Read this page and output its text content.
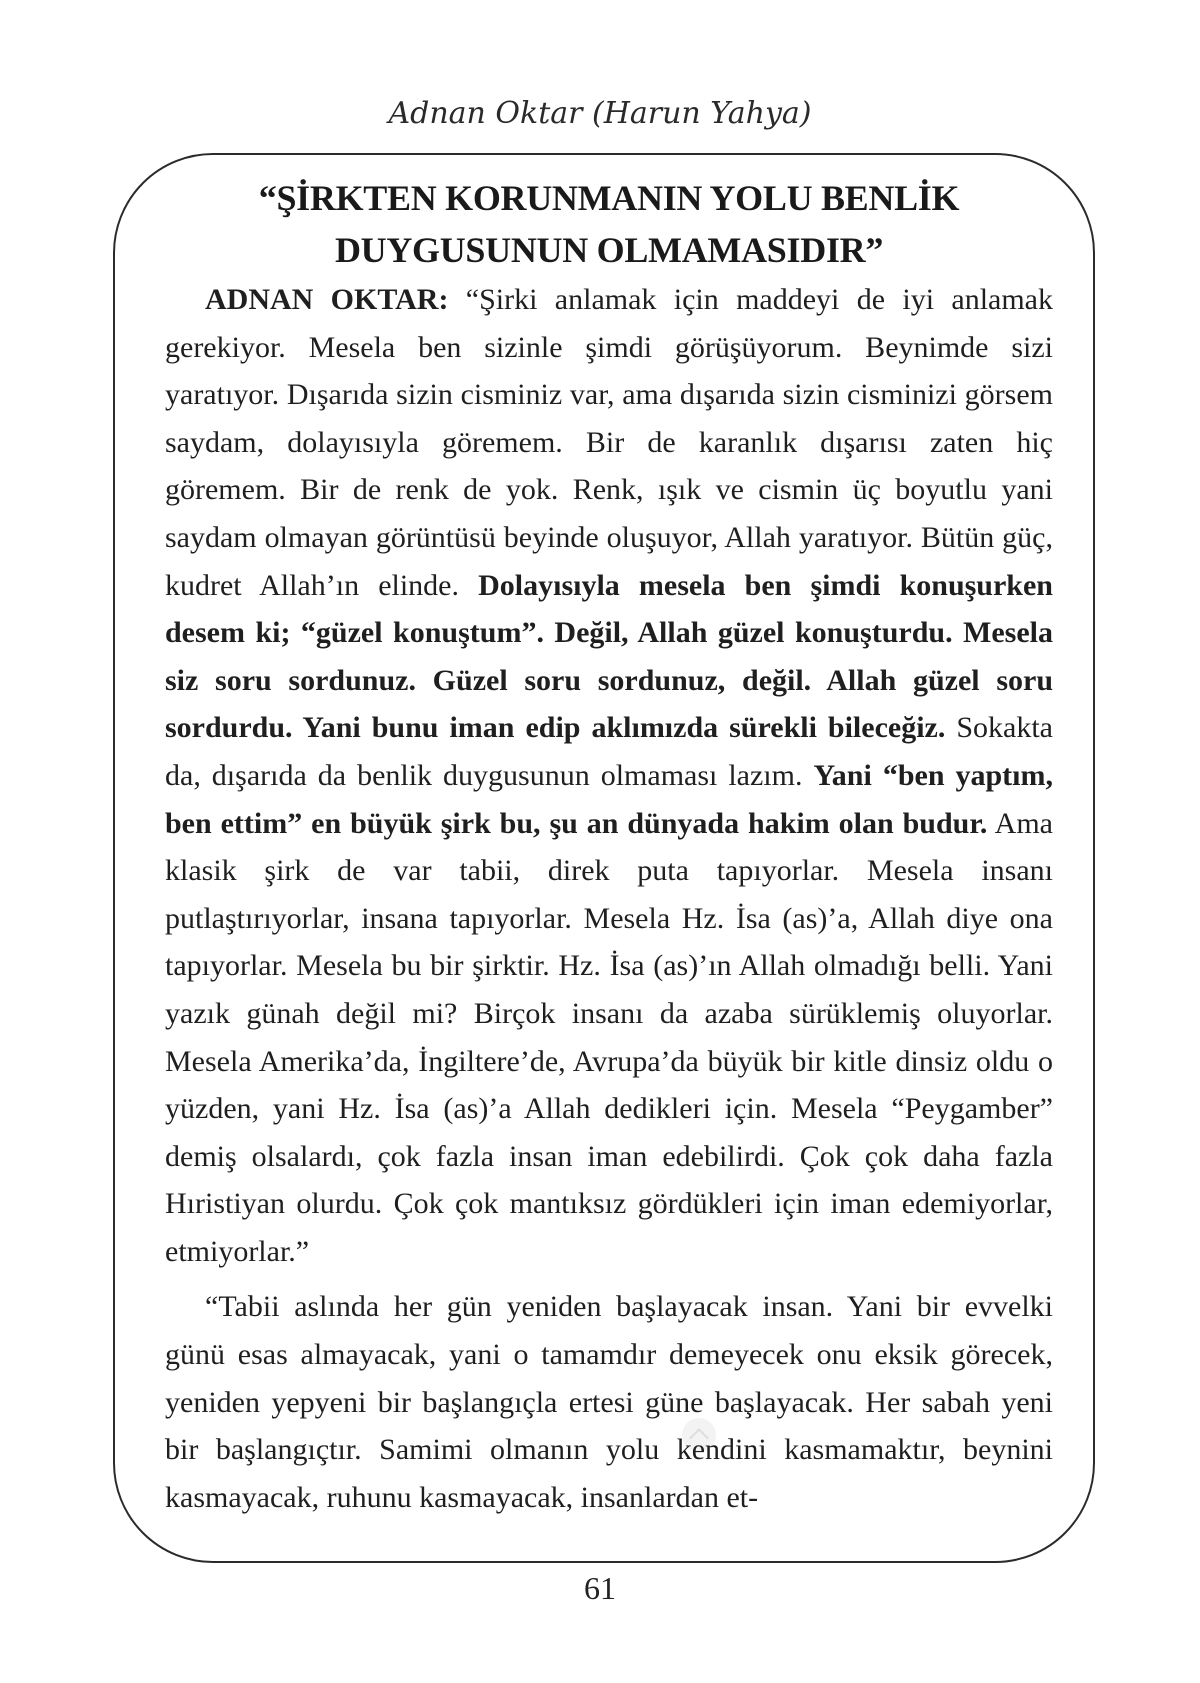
Adnan Oktar (Harun Yahya)
“ŞİRKTEN KORUNMANIN YOLU BENLİK
DUYGUSUNUN OLMAMASIDIR”

ADNAN OKTAR: “Şirki anlamak için maddeyi de iyi anlamak gerekiyor. Mesela ben sizinle şimdi görüşüyorum. Beynimde sizi yaratıyor. Dışarıda sizin cisminiz var, ama dışarıda sizin cisminizi görsem saydam, dolayısıyla göremem. Bir de karanlık dışarısı zaten hiç göremem. Bir de renk de yok. Renk, ışık ve cismin üç boyutlu yani saydam olmayan görüntüsü beyinde oluşuyor, Allah yaratıyor. Bütün güç, kudret Allah’ın elinde. Dolayısıyla mesela ben şimdi konuşurken desem ki; “güzel konuştum”. Değil, Allah güzel konuşturdu. Mesela siz soru sordunuz. Güzel soru sordunuz, değil. Allah güzel soru sordurdu. Yani bunu iman edip aklımızda sürekli bileceğiz. Sokakta da, dışarıda da benlik duygusunun olmaması lazım. Yani “ben yaptım, ben ettim” en büyük şirk bu, şu an dünyada hakim olan budur. Ama klasik şirk de var tabii, direk puta tapıyorlar. Mesela insanı putlaştırıyorlar, insana tapıyorlar. Mesela Hz. İsa (as)’a, Allah diye ona tapıyorlar. Mesela bu bir şirktir. Hz. İsa (as)’ın Allah olmadığı belli. Yani yazık günah değil mi? Birçok insanı da azaba sürüklemiş oluyorlar. Mesela Amerika’da, İngiltere’de, Avrupa’da büyük bir kitle dinsiz oldu o yüzden, yani Hz. İsa (as)’a Allah dedikleri için. Mesela “Peygamber” demiş olsalardı, çok fazla insan iman edebilirdi. Çok çok daha fazla Hıristiyan olurdu. Çok çok mantıksız gördükleri için iman edemiyorlar, etmiyorlar.”

“Tabii aslında her gün yeniden başlayacak insan. Yani bir evvelki günü esas almayacak, yani o tamamdır demeyecek onu eksik görecek, yeniden yepyeni bir başlangıçla ertesi güne başlayacak. Her sabah yeni bir başlangıçtır. Samimi olmanın yolu kendini kasmamaktır, beynini kasmayacak, ruhunu kasmayacak, insanlardan et-

61
